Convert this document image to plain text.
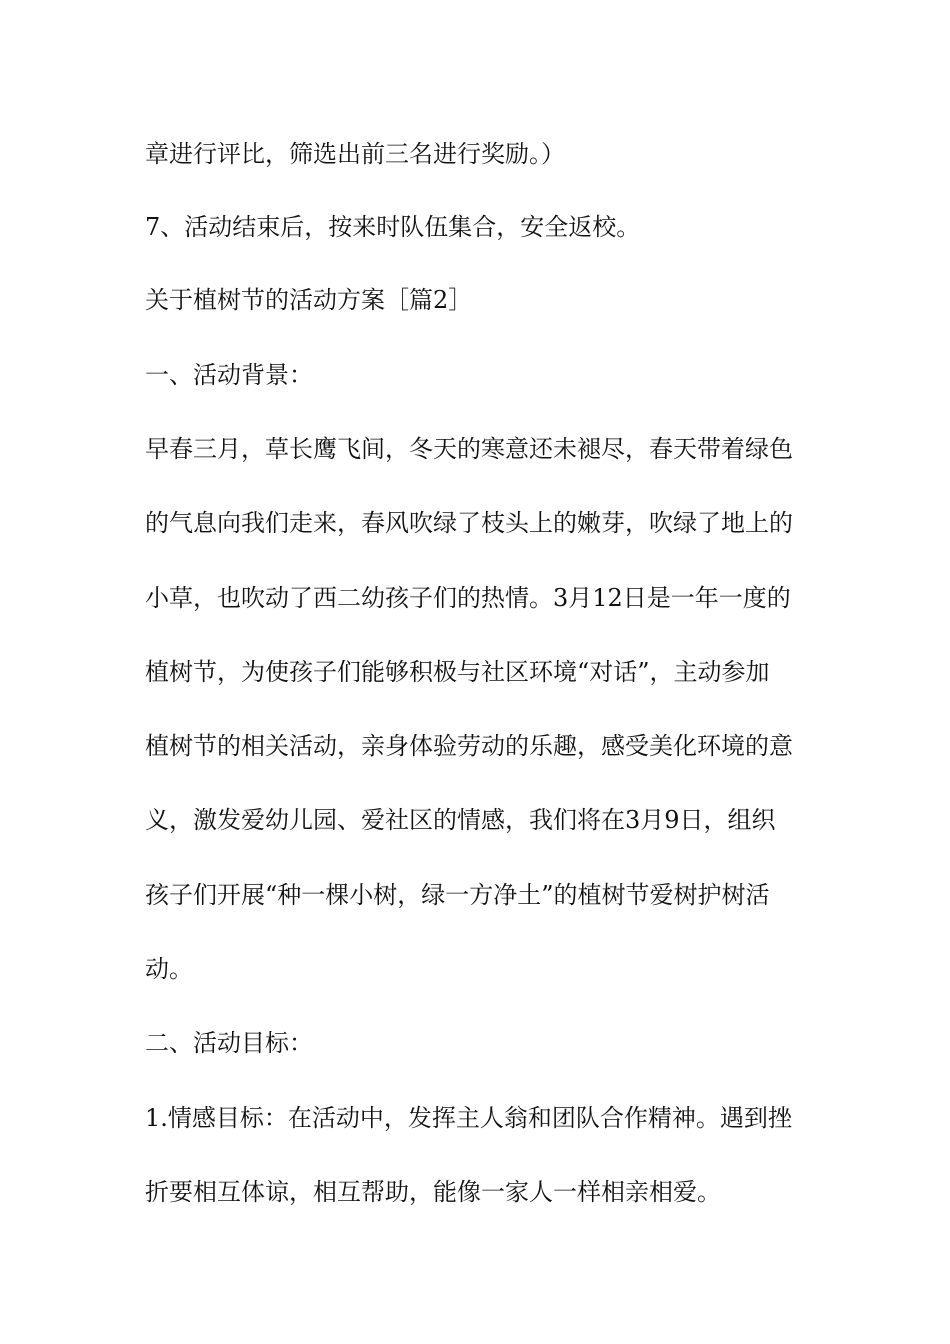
章进行评比，筛选出前三名进行奖励。）
7、活动结束后，按来时队伍集合，安全返校。
关于植树节的活动方案［篇2］
一、活动背景：
早春三月，草长鹰飞间，冬天的寒意还未褪尽，春天带着绿色
的气息向我们走来，春风吹绿了枝头上的嫩芽，吹绿了地上的
小草，也吹动了西二幼孩子们的热情。3月12日是一年一度的
植树节，为使孩子们能够积极与社区环境“对话”，主动参加
植树节的相关活动，亲身体验劳动的乐趣，感受美化环境的意
义，激发爱幼儿园、爱社区的情感，我们将在3月9日，组织
孩子们开展“种一棵小树，绿一方净土”的植树节爱树护树活
动。
二、活动目标：
1.情感目标：在活动中，发挥主人翁和团队合作精神。遇到挫
折要相互体谅，相互帮助，能像一家人一样相亲相爱。
